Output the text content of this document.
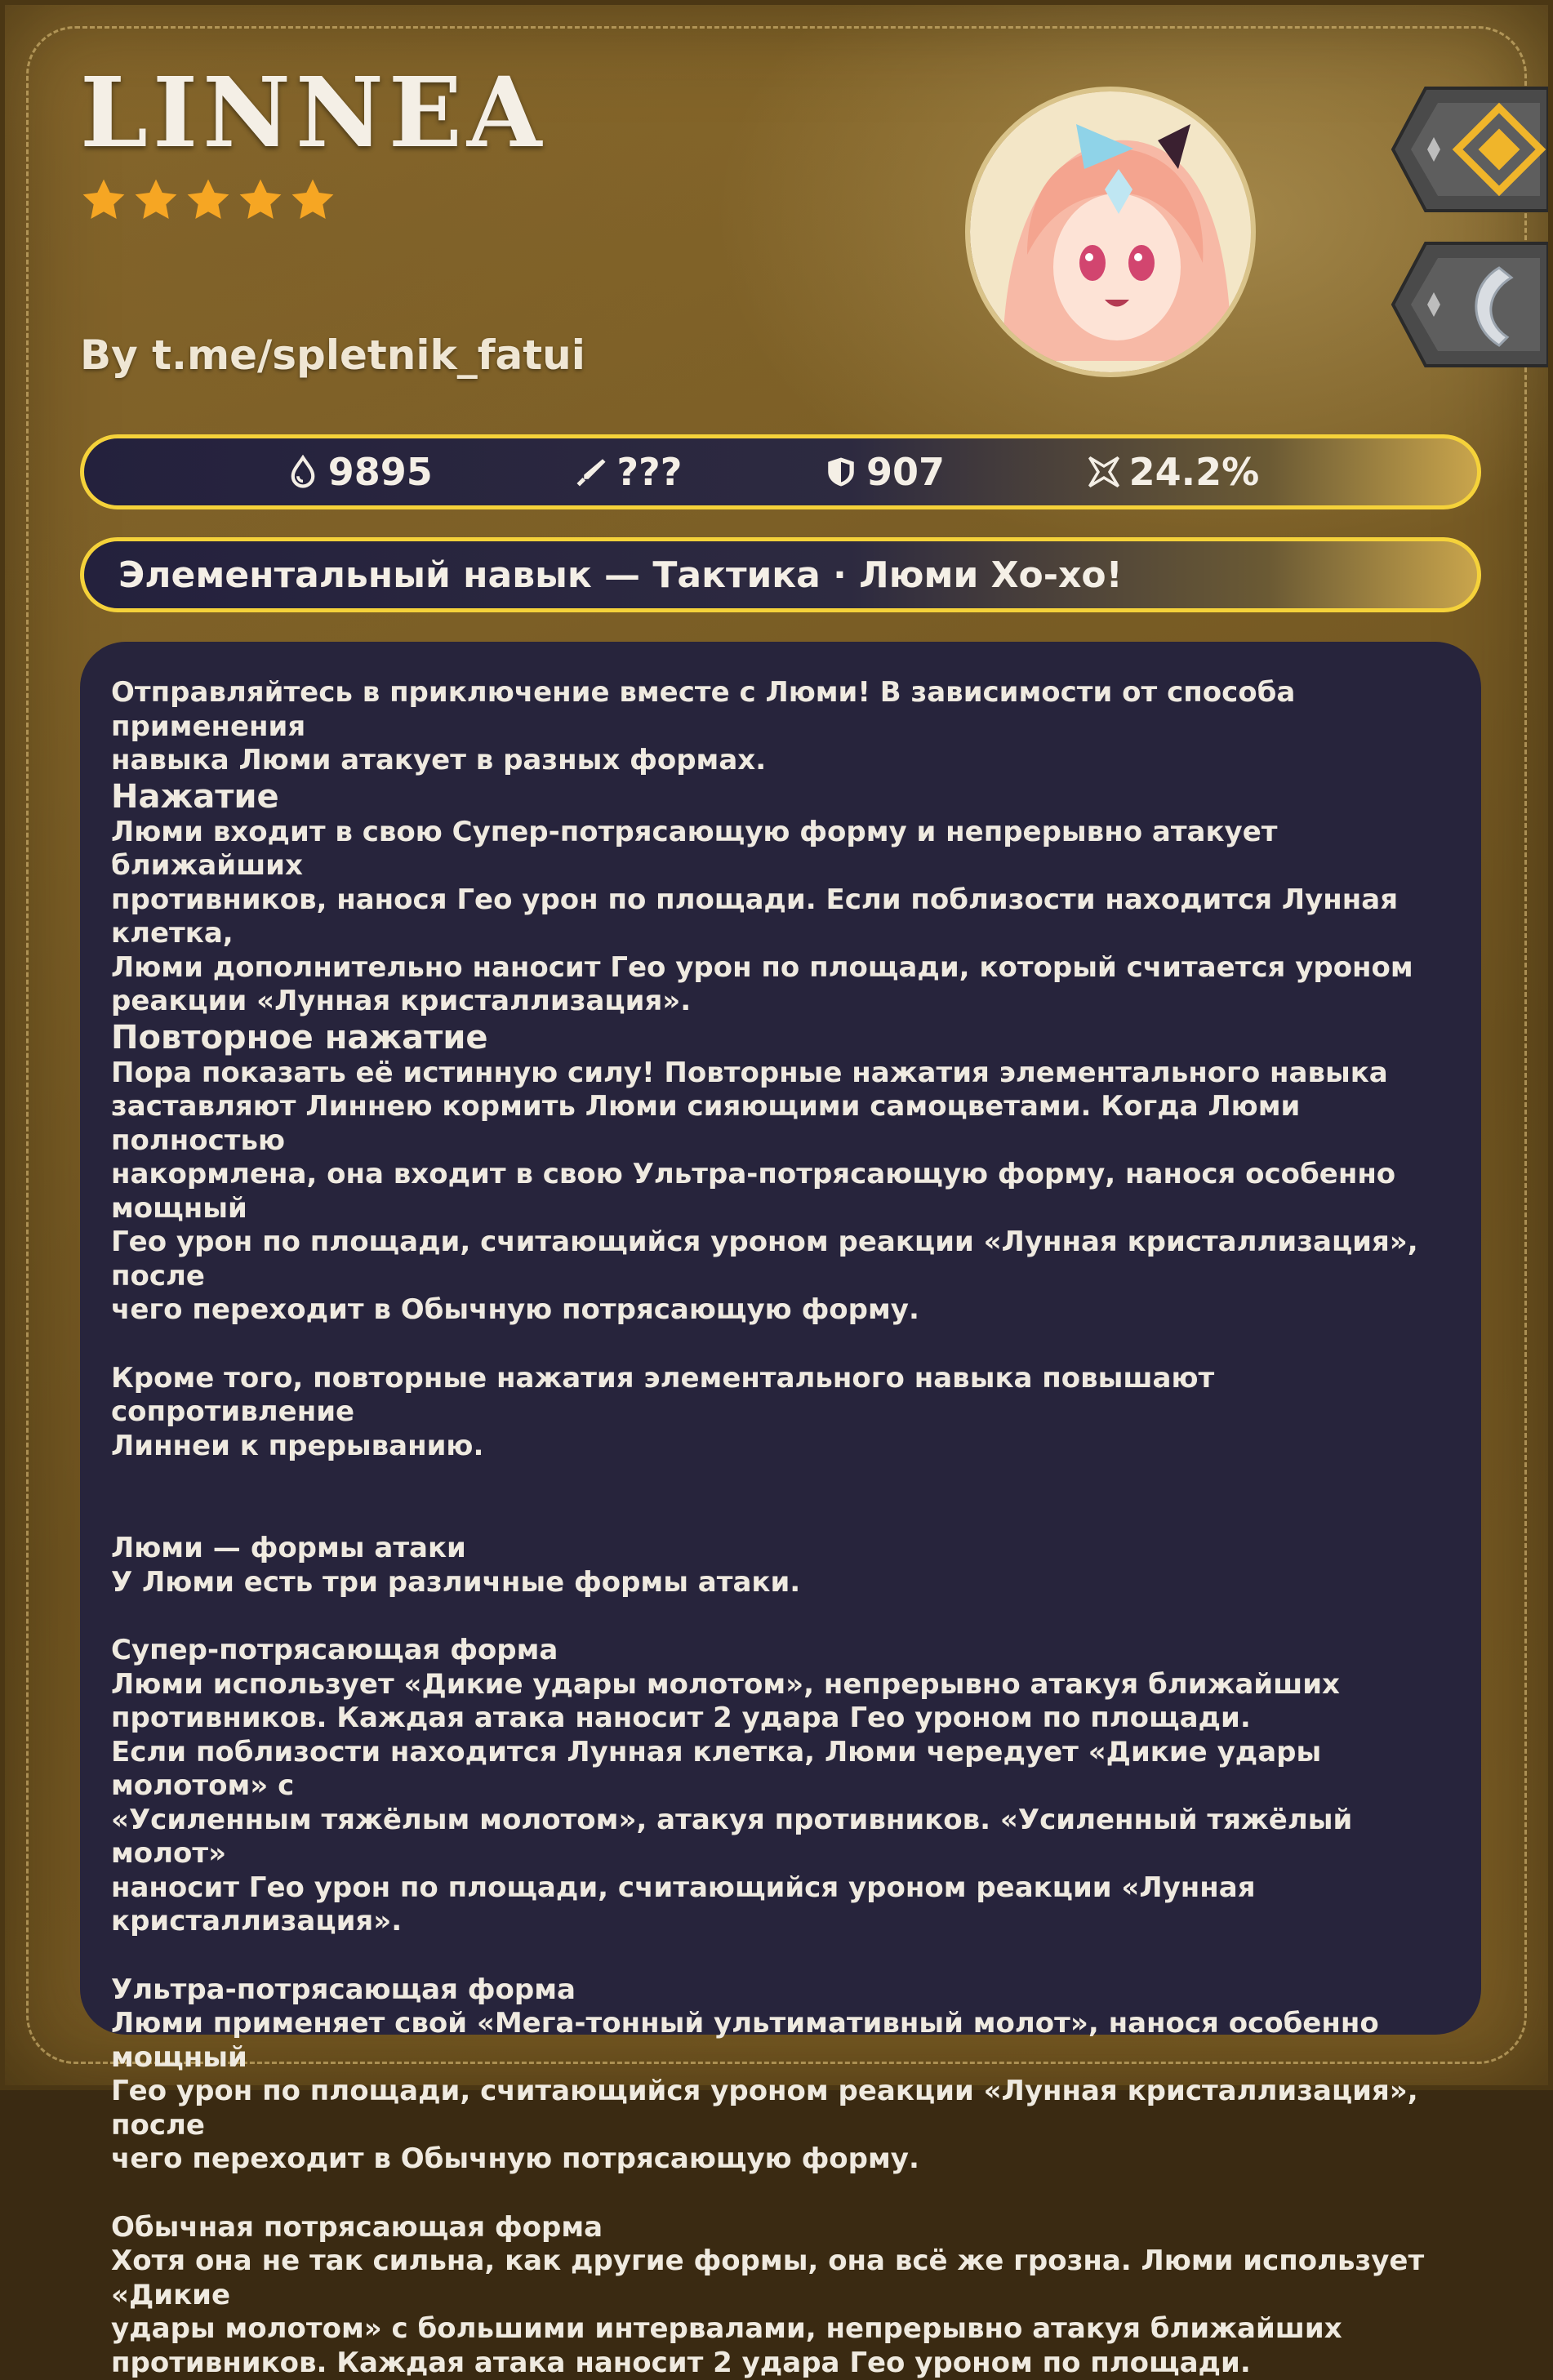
LINNEA
By t.me/spletnik_fatui
9895	???	907	24.2%
Элементальный навык — Тактика · Люми Хо-хо!

Отправляйтесь в приключение вместе с Люми! В зависимости от способа применения

навыка Люми атакует в разных формах.

Нажатие

Люми входит в свою Супер-потрясающую форму и непрерывно атакует ближайших

противников, нанося Гео урон по площади. Если поблизости находится Лунная клетка,

Люми дополнительно наносит Гео урон по площади, который считается уроном

реакции «Лунная кристаллизация».

Повторное нажатие

Пора показать её истинную силу! Повторные нажатия элементального навыка

заставляют Линнею кормить Люми сияющими самоцветами. Когда Люми полностью

накормлена, она входит в свою Ультра-потрясающую форму, нанося особенно мощный

Гео урон по площади, считающийся уроном реакции «Лунная кристаллизация», после

чего переходит в Обычную потрясающую форму.

Кроме того, повторные нажатия элементального навыка повышают сопротивление

Линнеи к прерыванию.

Люми — формы атаки

У Люми есть три различные формы атаки.

Супер-потрясающая форма

Люми использует «Дикие удары молотом», непрерывно атакуя ближайших

противников. Каждая атака наносит 2 удара Гео уроном по площади.

Если поблизости находится Лунная клетка, Люми чередует «Дикие удары молотом» с

«Усиленным тяжёлым молотом», атакуя противников. «Усиленный тяжёлый молот»

наносит Гео урон по площади, считающийся уроном реакции «Лунная

кристаллизация».

Ультра-потрясающая форма

Люми применяет свой «Мега-тонный ультимативный молот», нанося особенно мощный

Гео урон по площади, считающийся уроном реакции «Лунная кристаллизация», после

чего переходит в Обычную потрясающую форму.

Обычная потрясающая форма

Хотя она не так сильна, как другие формы, она всё же грозна. Люми использует «Дикие

удары молотом» с большими интервалами, непрерывно атакуя ближайших

противников. Каждая атака наносит 2 удара Гео уроном по площади.
